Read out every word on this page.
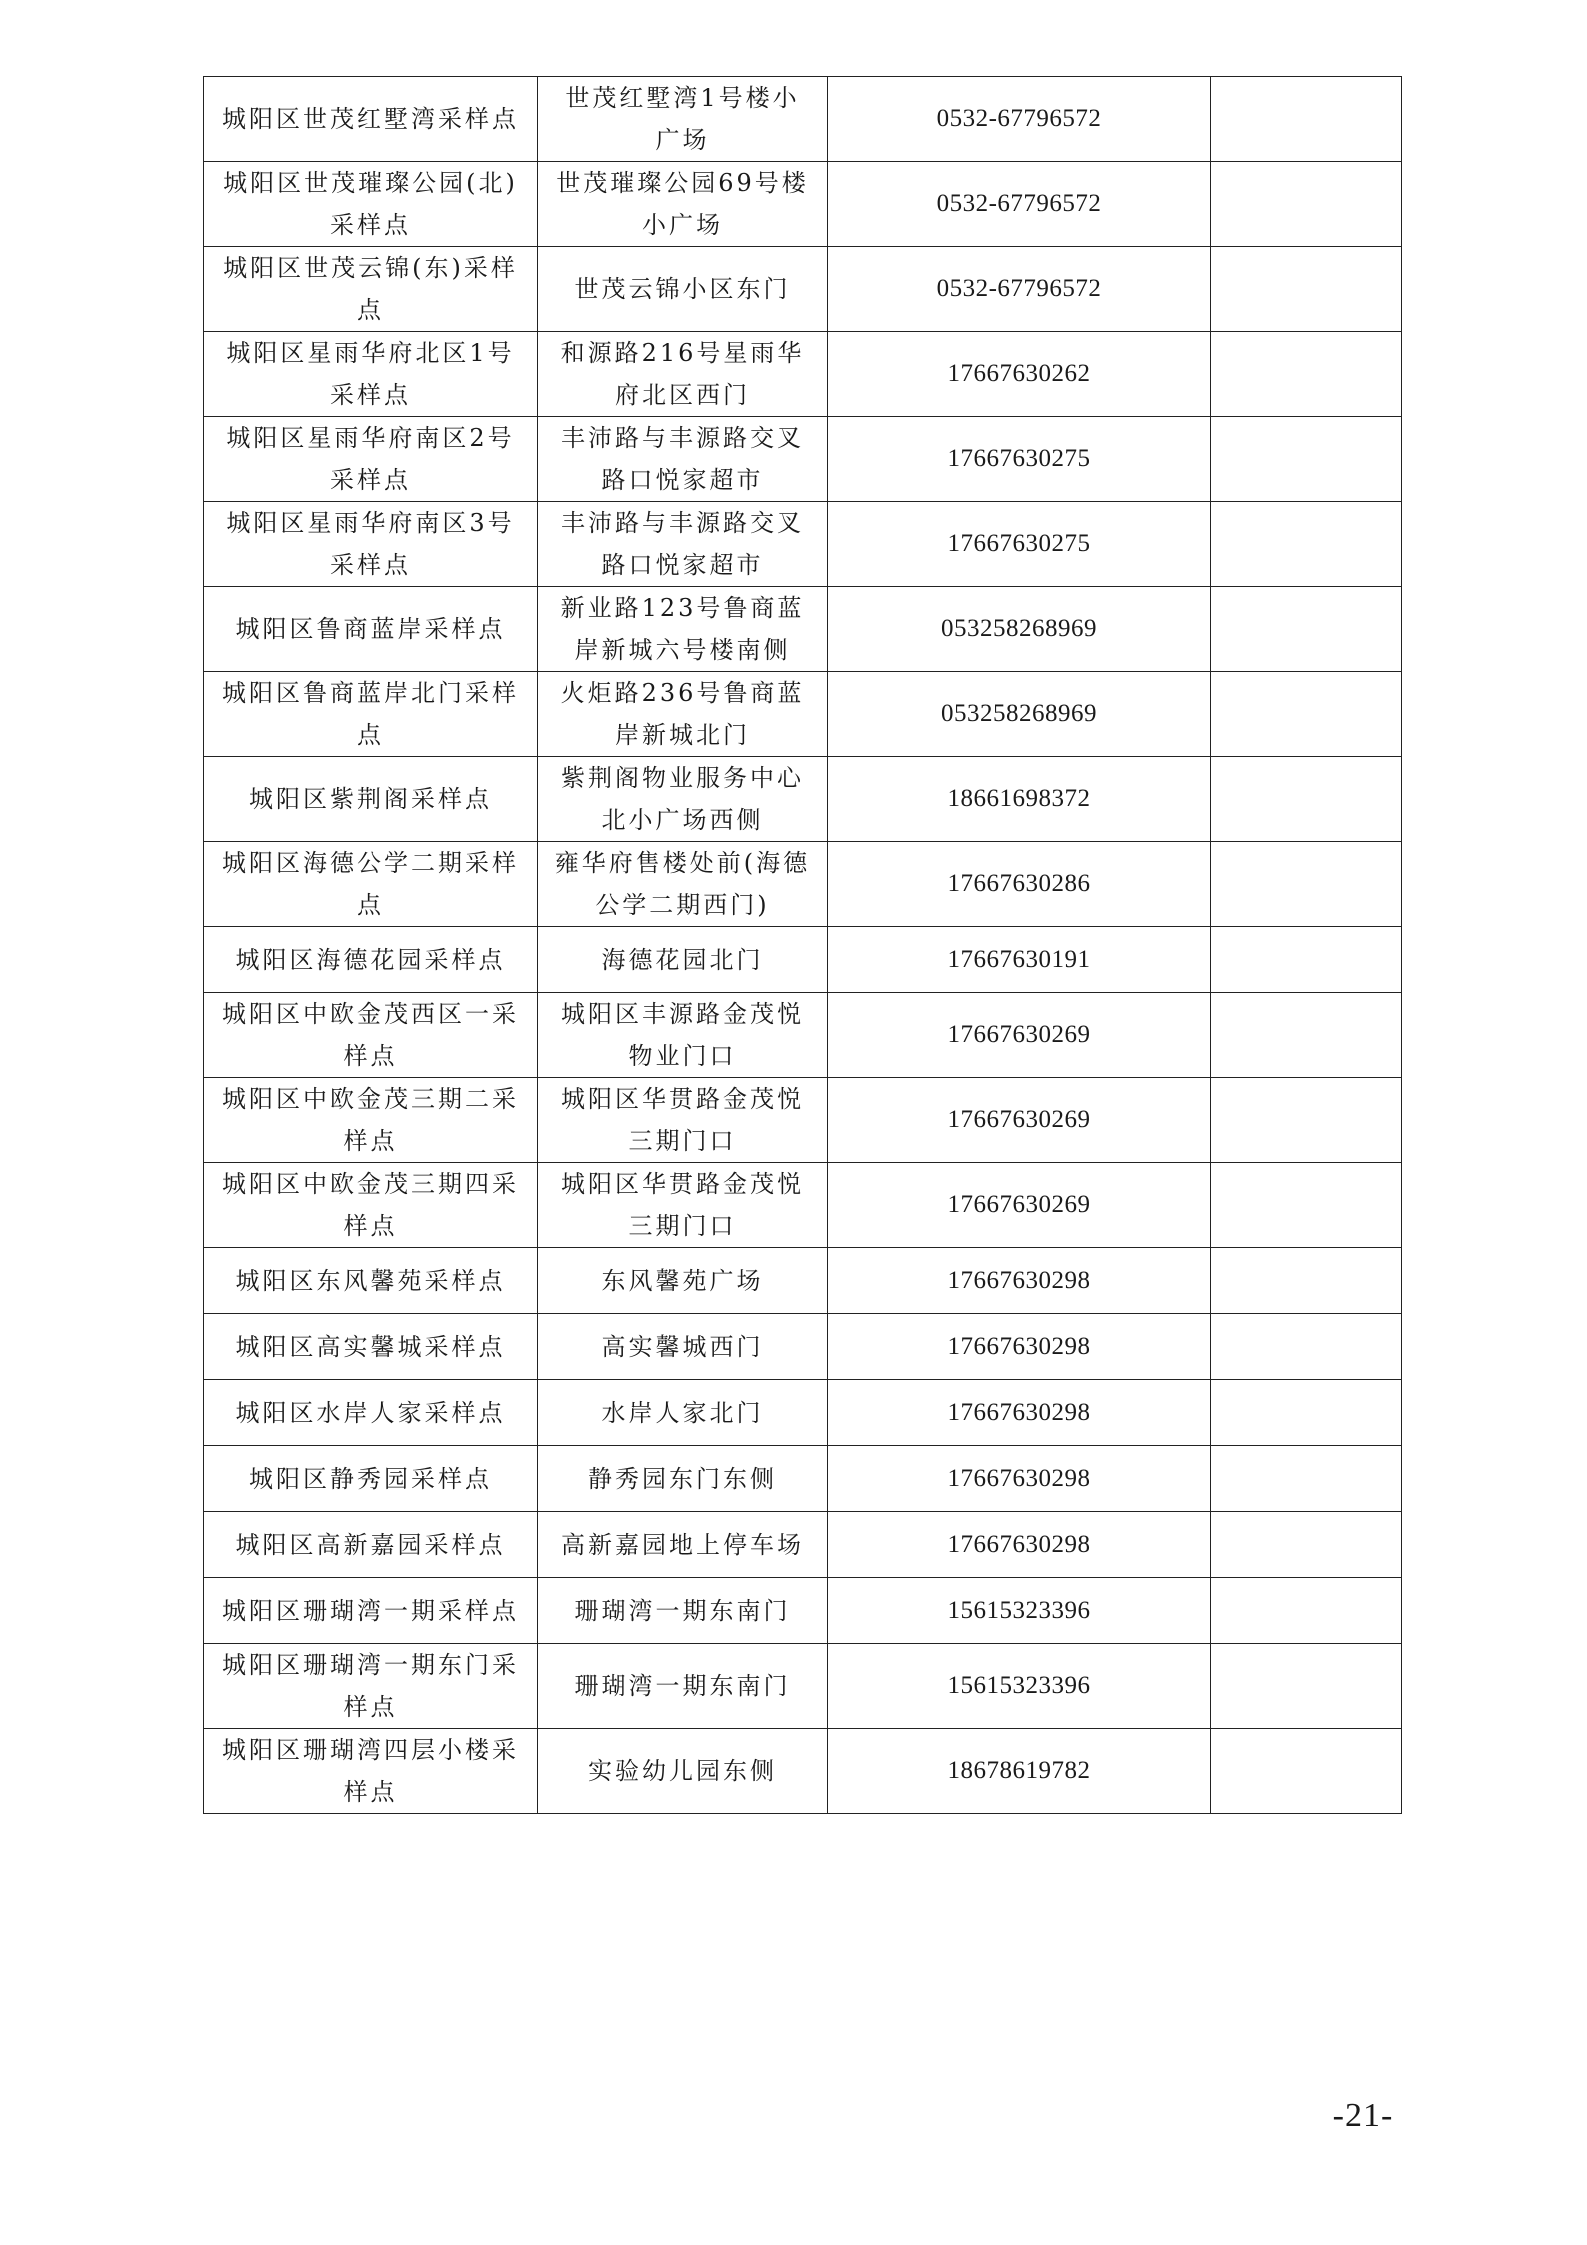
城阳区世茂红墅湾采样点	世茂红墅湾1号楼小广场	0532-67796572	
城阳区世茂璀璨公园(北)采样点	世茂璀璨公园69号楼小广场	0532-67796572	
城阳区世茂云锦(东)采样点	世茂云锦小区东门	0532-67796572	
城阳区星雨华府北区1号采样点	和源路216号星雨华府北区西门	17667630262	
城阳区星雨华府南区2号采样点	丰沛路与丰源路交叉路口悦家超市	17667630275	
城阳区星雨华府南区3号采样点	丰沛路与丰源路交叉路口悦家超市	17667630275	
城阳区鲁商蓝岸采样点	新业路123号鲁商蓝岸新城六号楼南侧	053258268969	
城阳区鲁商蓝岸北门采样点	火炬路236号鲁商蓝岸新城北门	053258268969	
城阳区紫荆阁采样点	紫荆阁物业服务中心北小广场西侧	18661698372	
城阳区海德公学二期采样点	雍华府售楼处前(海德公学二期西门)	17667630286	
城阳区海德花园采样点	海德花园北门	17667630191	
城阳区中欧金茂西区一采样点	城阳区丰源路金茂悦物业门口	17667630269	
城阳区中欧金茂三期二采样点	城阳区华贯路金茂悦三期门口	17667630269	
城阳区中欧金茂三期四采样点	城阳区华贯路金茂悦三期门口	17667630269	
城阳区东风馨苑采样点	东风馨苑广场	17667630298	
城阳区高实馨城采样点	高实馨城西门	17667630298	
城阳区水岸人家采样点	水岸人家北门	17667630298	
城阳区静秀园采样点	静秀园东门东侧	17667630298	
城阳区高新嘉园采样点	高新嘉园地上停车场	17667630298	
城阳区珊瑚湾一期采样点	珊瑚湾一期东南门	15615323396	
城阳区珊瑚湾一期东门采样点	珊瑚湾一期东南门	15615323396	
城阳区珊瑚湾四层小楼采样点	实验幼儿园东侧	18678619782	
-21-
